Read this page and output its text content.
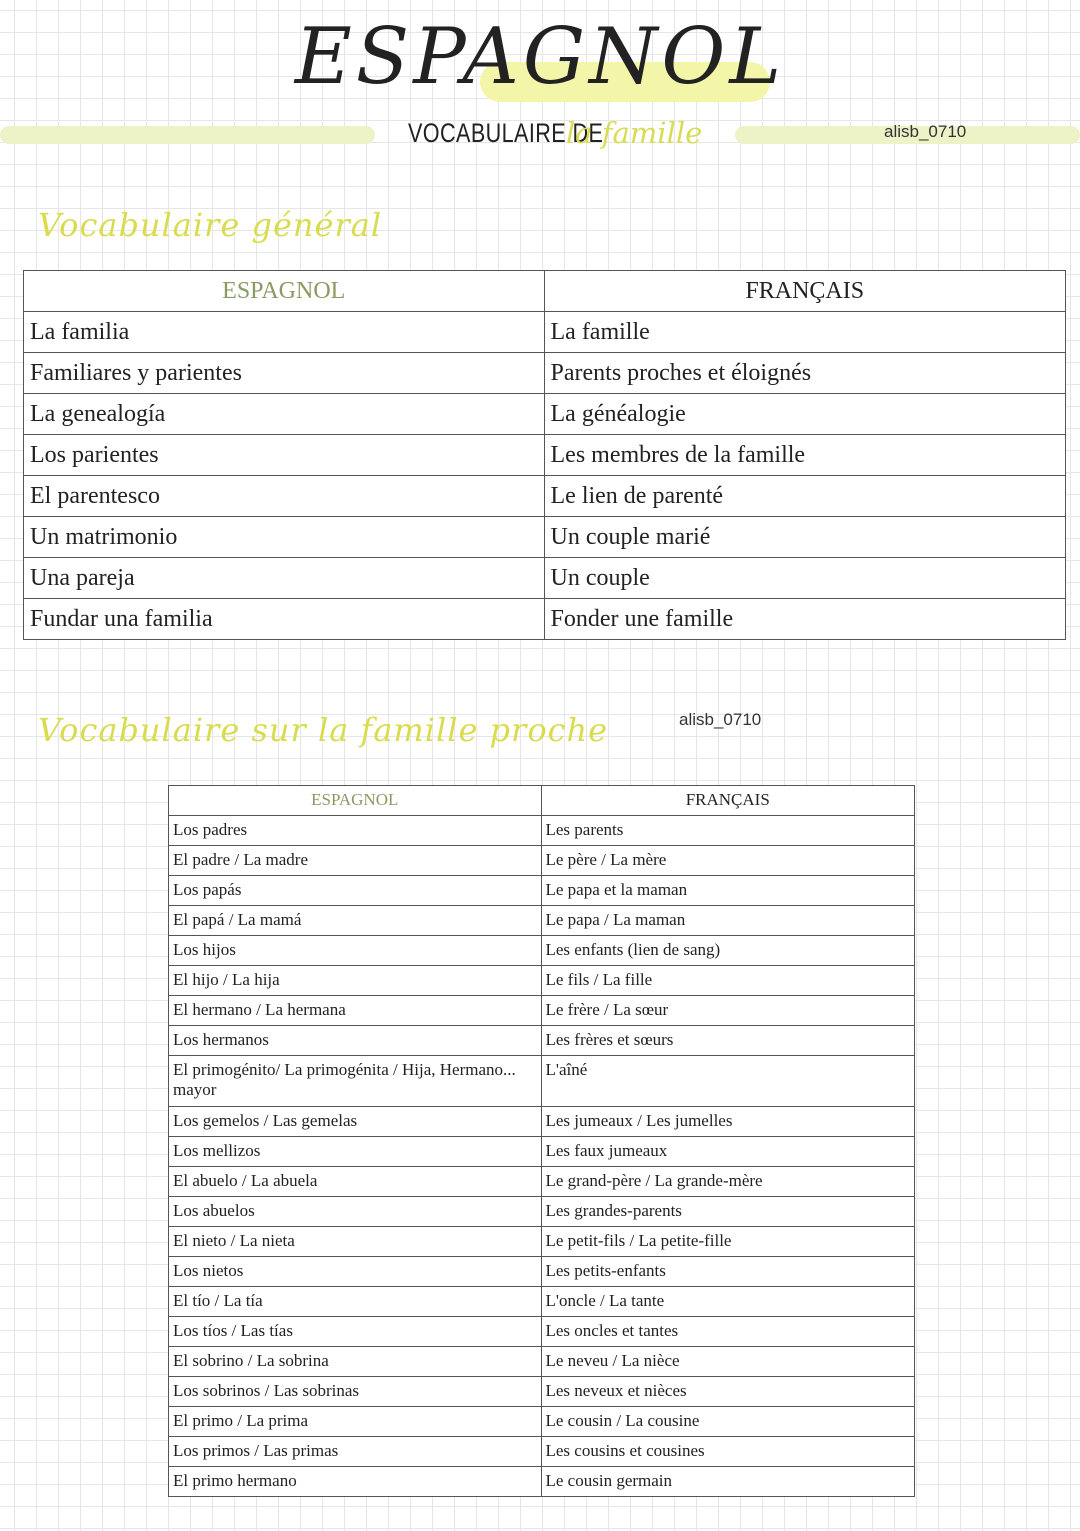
ESPAGNOL
VOCABULAIRE DE
la famille	alisb_0710
Vocabulaire général
ESPAGNOL	FRANÇAIS
La familia	La famille
Familiares y parientes	Parents proches et éloignés
La genealogía	La généalogie
Los parientes	Les membres de la famille
El parentesco	Le lien de parenté
Un matrimonio	Un couple marié
Una pareja	Un couple
Fundar una familia	Fonder une famille
Vocabulaire sur la famille proche	alisb_0710
ESPAGNOL	FRANÇAIS
Los padres	Les parents
El padre / La madre	Le père / La mère
Los papás	Le papa et la maman
El papá / La mamá	Le papa / La maman
Los hijos	Les enfants (lien de sang)
El hijo / La hija	Le fils / La fille
El hermano / La hermana	Le frère / La sœur
Los hermanos	Les frères et sœurs
El primogénito/ La primogénita / Hija, Hermano... mayor	L'aîné
Los gemelos / Las gemelas	Les jumeaux / Les jumelles
Los mellizos	Les faux jumeaux
El abuelo / La abuela	Le grand-père / La grande-mère
Los abuelos	Les grandes-parents
El nieto / La nieta	Le petit-fils / La petite-fille
Los nietos	Les petits-enfants
El tío / La tía	L'oncle / La tante
Los tíos / Las tías	Les oncles et tantes
El sobrino / La sobrina	Le neveu / La nièce
Los sobrinos / Las sobrinas	Les neveux et nièces
El primo / La prima	Le cousin / La cousine
Los primos / Las primas	Les cousins et cousines
El primo hermano	Le cousin germain
